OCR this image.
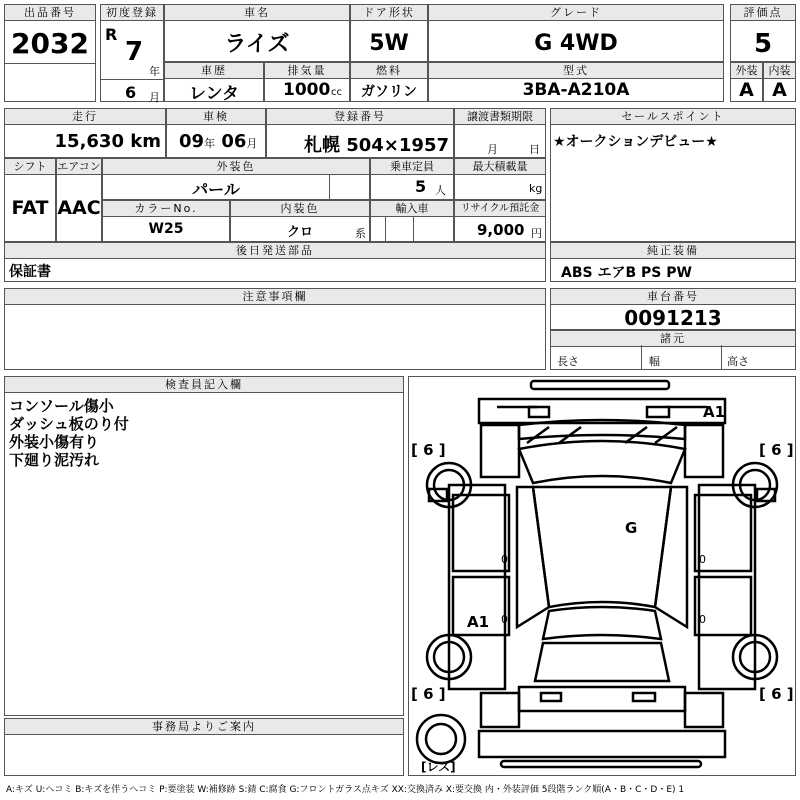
出品番号
2032
初度登録
R
7
年
6 月
車名
ライズ
ドア形状
5W
グレード
G 4WD
評価点
5
車歴
レンタ
排気量
1000 cc
燃料
ガソリン
型式
3BA-A210A
外装
A
内装
A
走行
15,630 km
車検
09年 06月
登録番号
札幌 504×1957
譲渡書類期限
月	日
セールスポイント
★オークションデビュー★
シフト
FAT
エアコン
AAC
外装色
パール
乗車定員
5 人
最大積載量
kg
カラーNo.
W25
内装色
クロ	系
輸入車	リサイクル預託金
9,000 円
後日発送部品
保証書
純正装備
ABS エアB PS PW
注意事項欄	車台番号
0091213
諸元
長さ	幅	高さ
検査員記入欄
コンソール傷小
ダッシュ板のり付
外装小傷有り
下廻り泥汚れ
事務局よりご案内
A1
G
A1
[ 6 ]	[ 6 ]
[ 6 ]	[ 6 ]
0	0
0	0
[レス]
A:キズ U:ヘコミ B:キズを伴うヘコミ P:要塗装 W:補修跡 S:錆 C:腐食 G:フロントガラス点キズ XX:交換済み X:要交換 内・外装評価 5段階ランク順(A・B・C・D・E) 1
